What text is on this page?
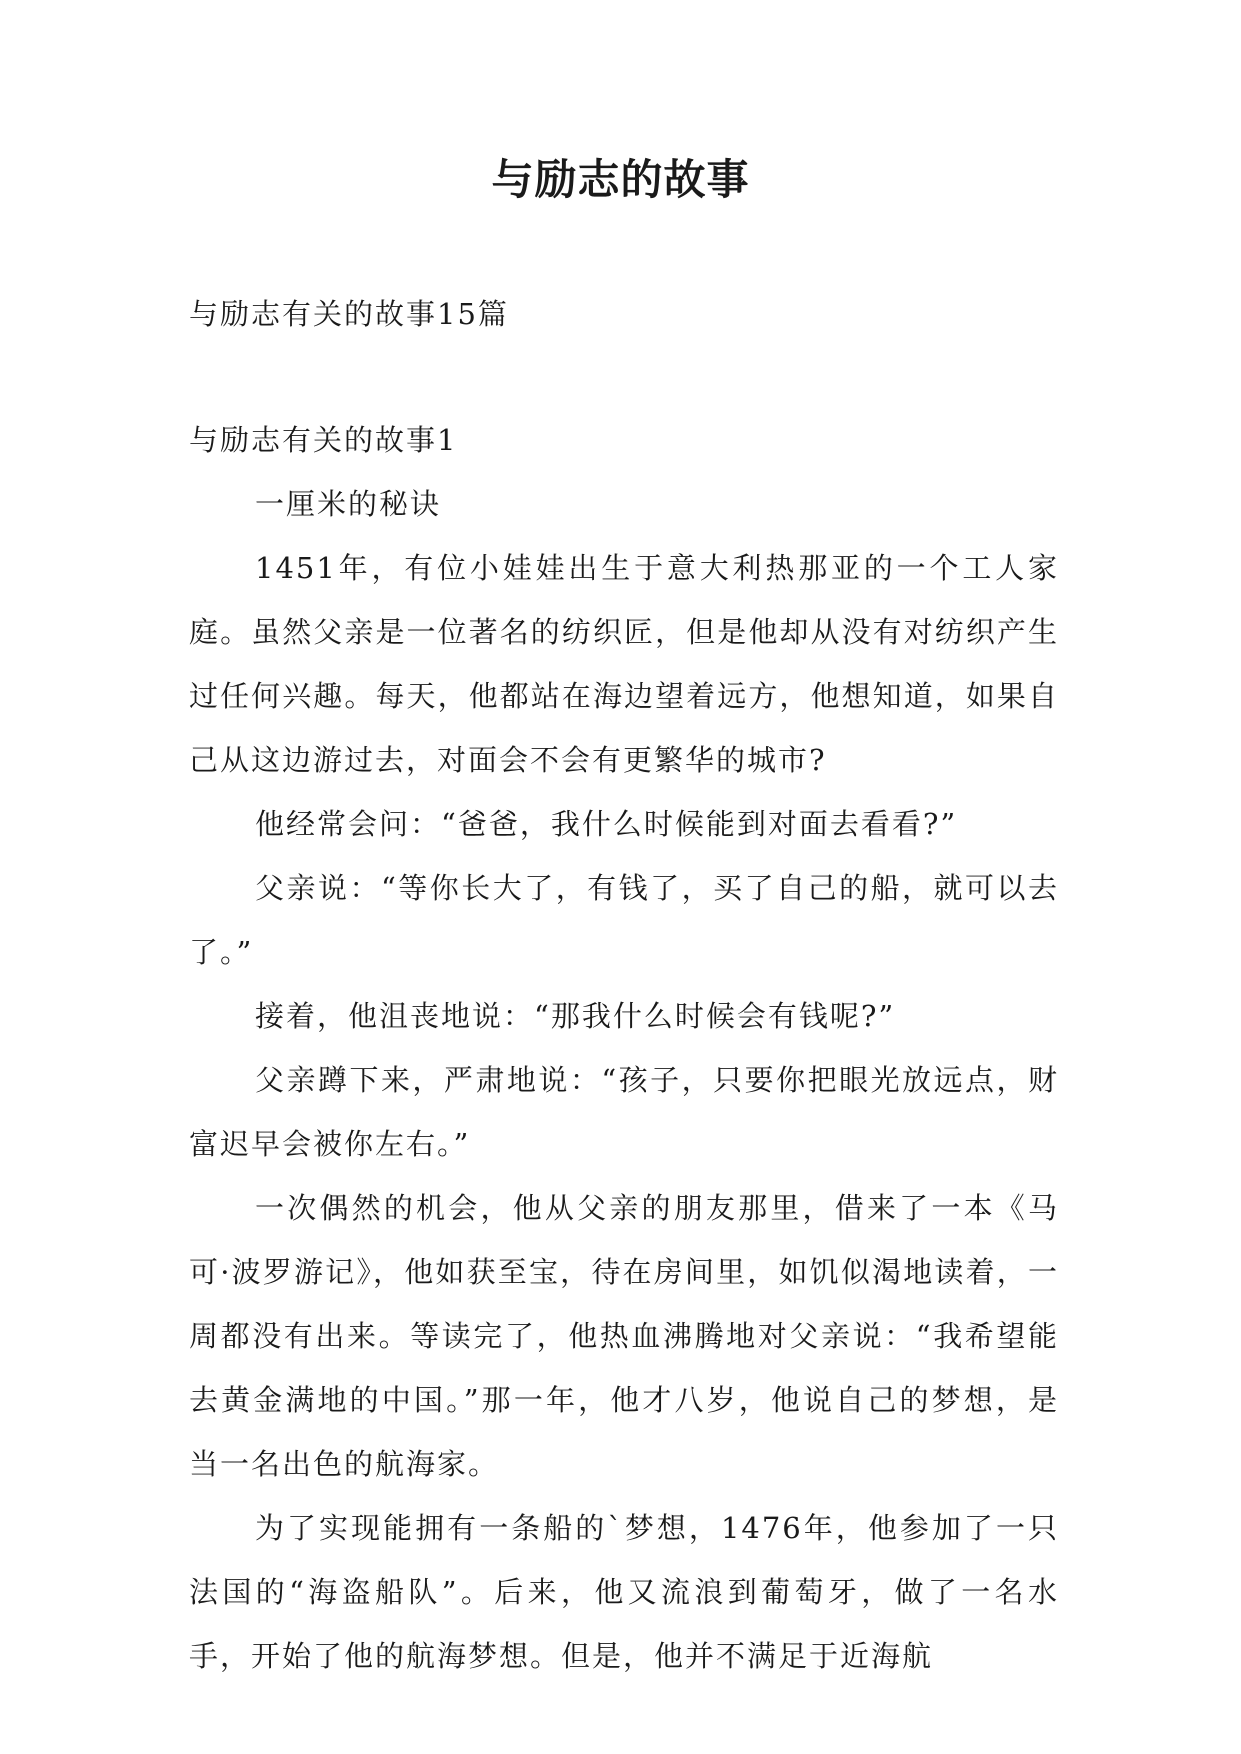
与励志的故事

与励志有关的故事15篇

与励志有关的故事1

一厘米的秘诀

1451年，有位小娃娃出生于意大利热那亚的一个工人家庭。虽然父亲是一位著名的纺织匠，但是他却从没有对纺织产生过任何兴趣。每天，他都站在海边望着远方，他想知道，如果自己从这边游过去，对面会不会有更繁华的城市?

他经常会问：“爸爸，我什么时候能到对面去看看?”

父亲说：“等你长大了，有钱了，买了自己的船，就可以去了。”

接着，他沮丧地说：“那我什么时候会有钱呢?”

父亲蹲下来，严肃地说：“孩子，只要你把眼光放远点，财富迟早会被你左右。”

一次偶然的机会，他从父亲的朋友那里，借来了一本《马可·波罗游记》，他如获至宝，待在房间里，如饥似渴地读着，一周都没有出来。等读完了，他热血沸腾地对父亲说：“我希望能去黄金满地的中国。”那一年，他才八岁，他说自己的梦想，是当一名出色的航海家。

为了实现能拥有一条船的`梦想，1476年，他参加了一只法国的“海盗船队”。后来，他又流浪到葡萄牙，做了一名水手，开始了他的航海梦想。但是，他并不满足于近海航
